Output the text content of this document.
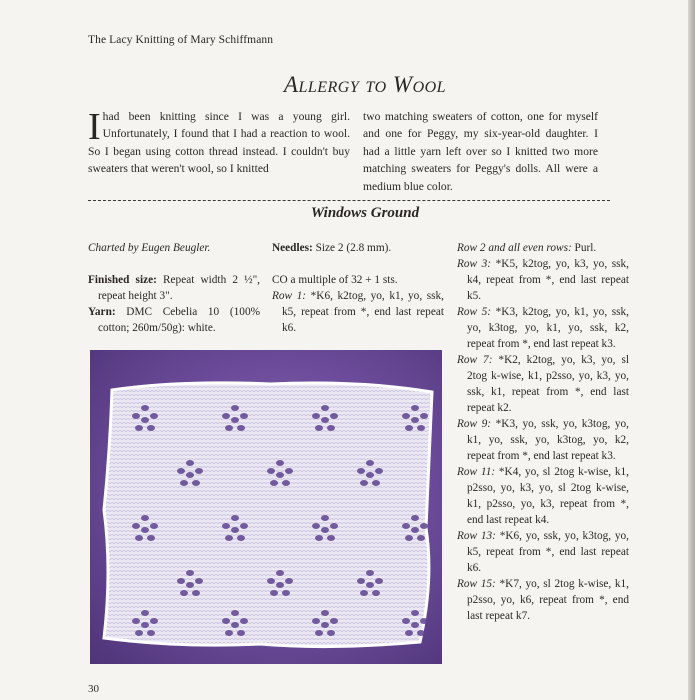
The Lacy Knitting of Mary Schiffmann
Allergy to Wool
Ihad been knitting since I was a young girl. Unfortunately, I found that I had a reaction to wool. So I began using cotton thread instead. I couldn't buy sweaters that weren't wool, so I knitted
two matching sweaters of cotton, one for myself and one for Peggy, my six-year-old daughter. I had a little yarn left over so I knitted two more matching sweaters for Peggy's dolls. All were a medium blue color.
Windows Ground

Charted by Eugen Beugler.

Finished size: Repeat width 2 ½", repeat height 3".

Yarn: DMC Cebelia 10 (100% cotton; 260m/50g): white.

Needles: Size 2 (2.8 mm).

CO a multiple of 32 + 1 sts.

Row 1: *K6, k2tog, yo, k1, yo, ssk, k5, repeat from *, end last repeat k6.

Row 2 and all even rows: Purl.

Row 3: *K5, k2tog, yo, k3, yo, ssk, k4, repeat from *, end last repeat k5.

Row 5: *K3, k2tog, yo, k1, yo, ssk, yo, k3tog, yo, k1, yo, ssk, k2, repeat from *, end last repeat k3.

Row 7: *K2, k2tog, yo, k3, yo, sl 2tog k-wise, k1, p2sso, yo, k3, yo, ssk, k1, repeat from *, end last repeat k2.

Row 9: *K3, yo, ssk, yo, k3tog, yo, k1, yo, ssk, yo, k3tog, yo, k2, repeat from *, end last repeat k3.

Row 11: *K4, yo, sl 2tog k-wise, k1, p2sso, yo, k3, yo, sl 2tog k-wise, k1, p2sso, yo, k3, repeat from *, end last repeat k4.

Row 13: *K6, yo, ssk, yo, k3tog, yo, k5, repeat from *, end last repeat k6.

Row 15: *K7, yo, sl 2tog k-wise, k1, p2sso, yo, k6, repeat from *, end last repeat k7.

30
